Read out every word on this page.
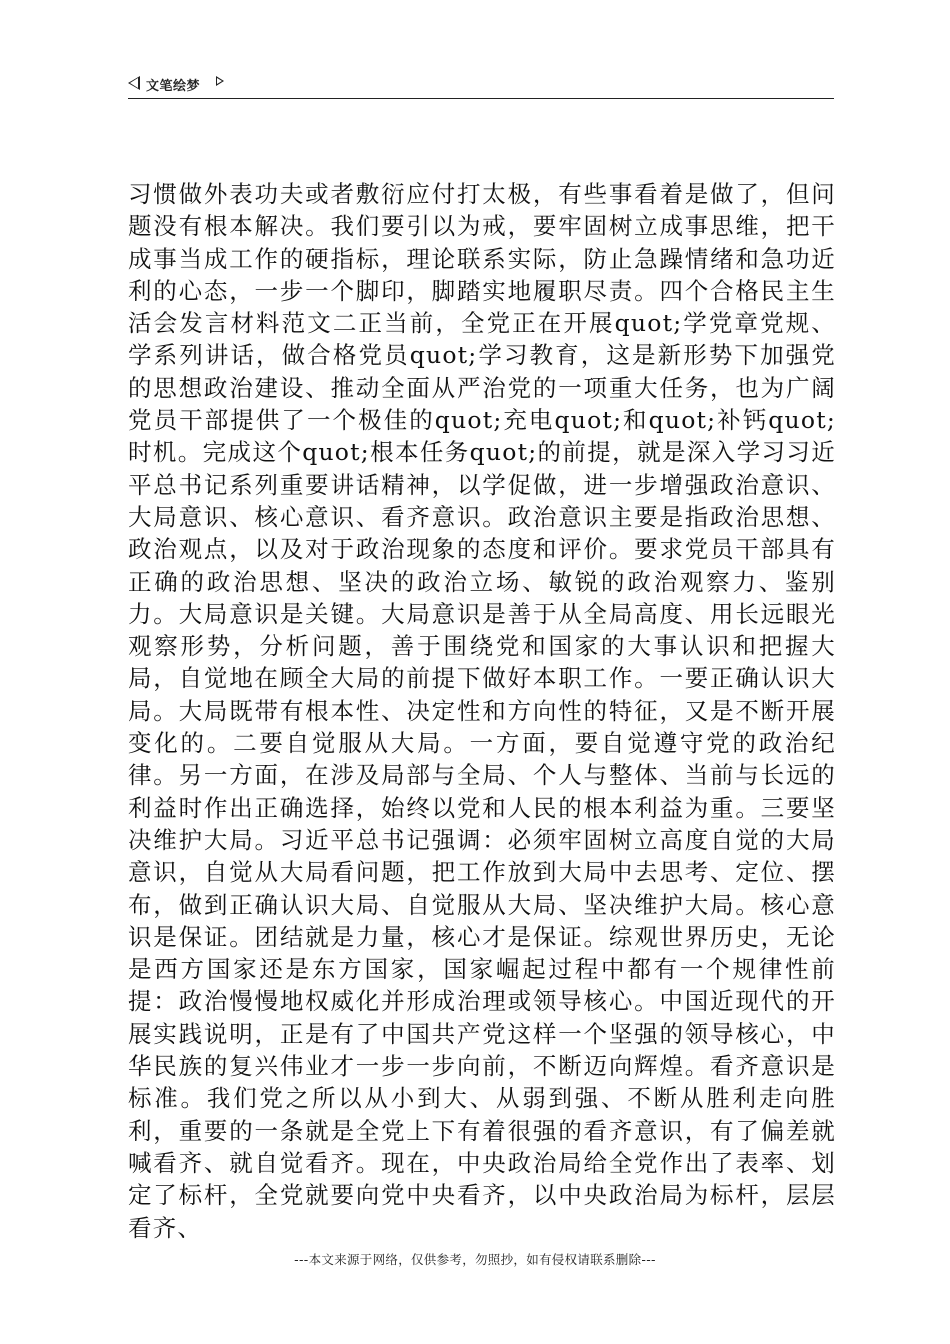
文笔绘梦

习惯做外表功夫或者敷衍应付打太极，有些事看着是做了，但问题没有根本解决。我们要引以为戒，要牢固树立成事思维，把干成事当成工作的硬指标，理论联系实际，防止急躁情绪和急功近利的心态，一步一个脚印，脚踏实地履职尽责。四个合格民主生活会发言材料范文二正当前，全党正在开展quot;学党章党规、学系列讲话，做合格党员quot;学习教育，这是新形势下加强党的思想政治建设、推动全面从严治党的一项重大任务，也为广阔党员干部提供了一个极佳的quot;充电quot;和quot;补钙quot;时机。完成这个quot;根本任务quot;的前提，就是深入学习习近平总书记系列重要讲话精神，以学促做，进一步增强政治意识、大局意识、核心意识、看齐意识。政治意识主要是指政治思想、政治观点，以及对于政治现象的态度和评价。要求党员干部具有正确的政治思想、坚决的政治立场、敏锐的政治观察力、鉴别力。大局意识是关键。大局意识是善于从全局高度、用长远眼光观察形势，分析问题，善于围绕党和国家的大事认识和把握大局，自觉地在顾全大局的前提下做好本职工作。一要正确认识大局。大局既带有根本性、决定性和方向性的特征，又是不断开展变化的。二要自觉服从大局。一方面，要自觉遵守党的政治纪律。另一方面，在涉及局部与全局、个人与整体、当前与长远的利益时作出正确选择，始终以党和人民的根本利益为重。三要坚决维护大局。习近平总书记强调：必须牢固树立高度自觉的大局意识，自觉从大局看问题，把工作放到大局中去思考、定位、摆布，做到正确认识大局、自觉服从大局、坚决维护大局。核心意识是保证。团结就是力量，核心才是保证。综观世界历史，无论是西方国家还是东方国家，国家崛起过程中都有一个规律性前提：政治慢慢地权威化并形成治理或领导核心。中国近现代的开展实践说明，正是有了中国共产党这样一个坚强的领导核心，中华民族的复兴伟业才一步一步向前，不断迈向辉煌。看齐意识是标准。我们党之所以从小到大、从弱到强、不断从胜利走向胜利，重要的一条就是全党上下有着很强的看齐意识，有了偏差就喊看齐、就自觉看齐。现在，中央政治局给全党作出了表率、划定了标杆，全党就要向党中央看齐，以中央政治局为标杆，层层看齐、

---本文来源于网络，仅供参考，勿照抄，如有侵权请联系删除---
